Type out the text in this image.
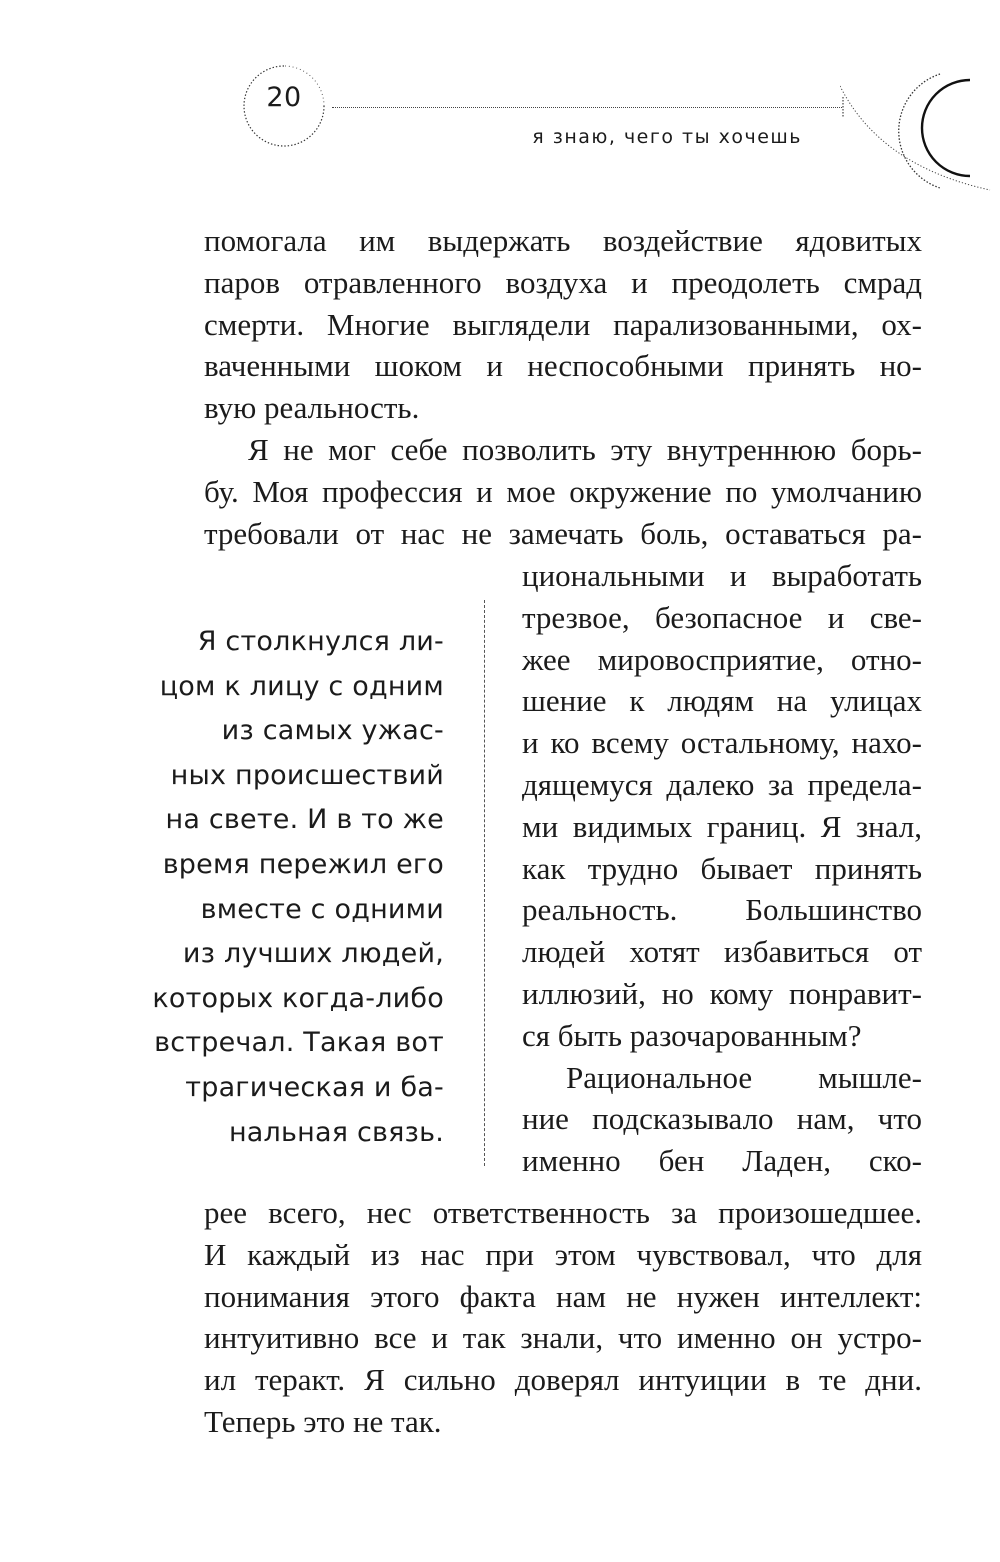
20
я знаю, чего ты хочешь
помогала им выдержать воздействие ядовитых
паров отравленного воздуха и преодолеть смрад
смерти. Многие выглядели парализованными, ох-
ваченными шоком и неспособными принять но-
вую реальность.
Я не мог себе позволить эту внутреннюю борь-
бу. Моя профессия и мое окружение по умолчанию
требовали от нас не замечать боль, оставаться ра-
циональными и выработать
трезвое, безопасное и све-
жее мировосприятие, отно-
шение к людям на улицах
и ко всему остальному, нахо-
дящемуся далеко за предела-
ми видимых границ. Я знал,
как трудно бывает принять
реальность. Большинство
людей хотят избавиться от
иллюзий, но кому понравит-
ся быть разочарованным?
Рациональное мышле-
ние подсказывало нам, что
именно бен Ладен, ско-
Я столкнулся ли-
цом к лицу с одним
из самых ужас-
ных происшествий
на свете. И в то же
время пережил его
вместе с одними
из лучших людей,
которых когда-либо
встречал. Такая вот
трагическая и ба-
нальная связь.
рее всего, нес ответственность за произошедшее.
И каждый из нас при этом чувствовал, что для
понимания этого факта нам не нужен интеллект:
интуитивно все и так знали, что именно он устро-
ил теракт. Я сильно доверял интуиции в те дни.
Теперь это не так.
